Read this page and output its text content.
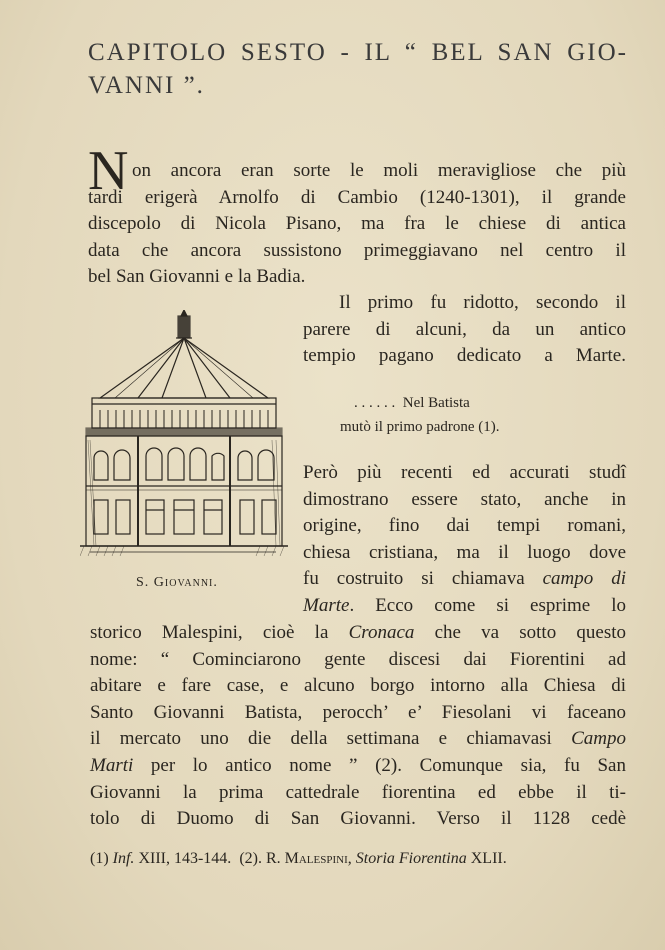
CAPITOLO SESTO - IL “ BEL SAN GIO-
VANNI ”.
N on ancora eran sorte le moli meravigliose che più
tardi erigerà Arnolfo di Cambio (1240-1301), il grande
discepolo di Nicola Pisano, ma fra le chiese di antica
data che ancora sussistono primeggiavano nel centro il
bel San Giovanni e la Badia.
Il primo fu ridotto, secondo il
parere di alcuni, da un antico
tempio pagano dedicato a Marte.
. . . . . .  Nel Batista
mutò il primo padrone (1).
S. Giovanni.
Però più recenti ed accurati studî
dimostrano essere stato, anche in
origine, fino dai tempi romani,
chiesa cristiana, ma il luogo dove
fu costruito si chiamava campo di
Marte. Ecco come si esprime lo
storico Malespini, cioè la Cronaca che va sotto questo
nome: “ Cominciarono gente discesi dai Fiorentini ad
abitare e fare case, e alcuno borgo intorno alla Chiesa di
Santo Giovanni Batista, perocch’ e’ Fiesolani vi faceano
il mercato uno die della settimana e chiamavasi Campo
Marti per lo antico nome ” (2). Comunque sia, fu San
Giovanni la prima cattedrale fiorentina ed ebbe il ti-
tolo di Duomo di San Giovanni. Verso il 1128 cedè
(1) Inf. XIII, 143-144. (2). R. Malespini, Storia Fiorentina XLII.
